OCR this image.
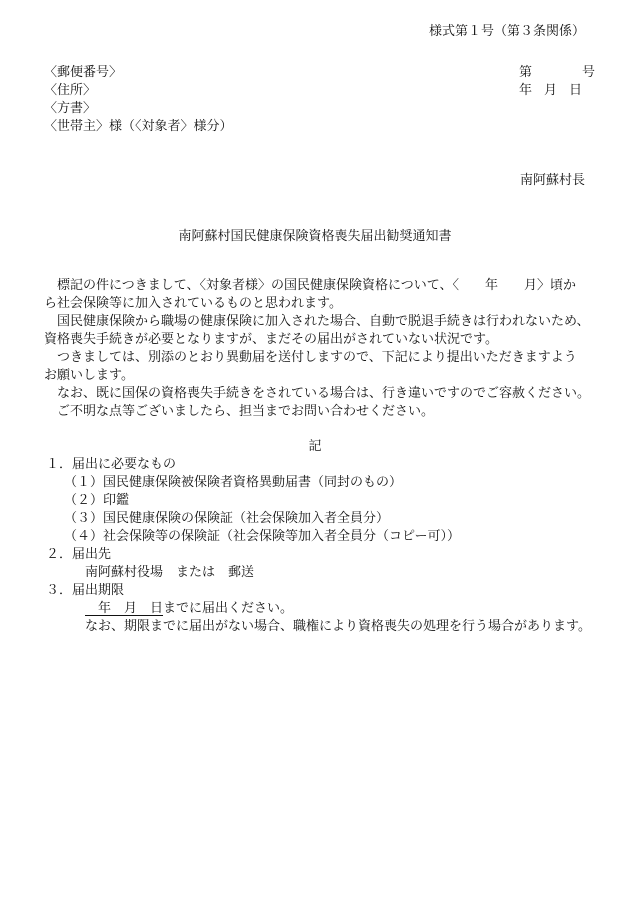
様式第１号（第３条関係）
〈郵便番号〉
〈住所〉
〈方書〉
〈世帯主〉様（〈対象者〉様分）
第	号
年 月 日
南阿蘇村長
南阿蘇村国民健康保険資格喪失届出勧奨通知書
標記の件につきまして、〈対象者様〉の国民健康保険資格について、〈　　年　　月〉頃か
ら社会保険等に加入されているものと思われます。
国民健康保険から職場の健康保険に加入された場合、自動で脱退手続きは行われないため、
資格喪失手続きが必要となりますが、まだその届出がされていない状況です。
つきましては、別添のとおり異動届を送付しますので、下記により提出いただきますよう
お願いします。
なお、既に国保の資格喪失手続きをされている場合は、行き違いですのでご容赦ください。
ご不明な点等ございましたら、担当までお問い合わせください。
記
１．届出に必要なもの
（１）国民健康保険被保険者資格異動届書（同封のもの）
（２）印鑑
（３）国民健康保険の保険証（社会保険加入者全員分）
（４）社会保険等の保険証（社会保険等加入者全員分（コピー可））
２．届出先
南阿蘇村役場　または　郵送
３．届出期限
　年　月　日までに届出ください。
なお、期限までに届出がない場合、職権により資格喪失の処理を行う場合があります。
